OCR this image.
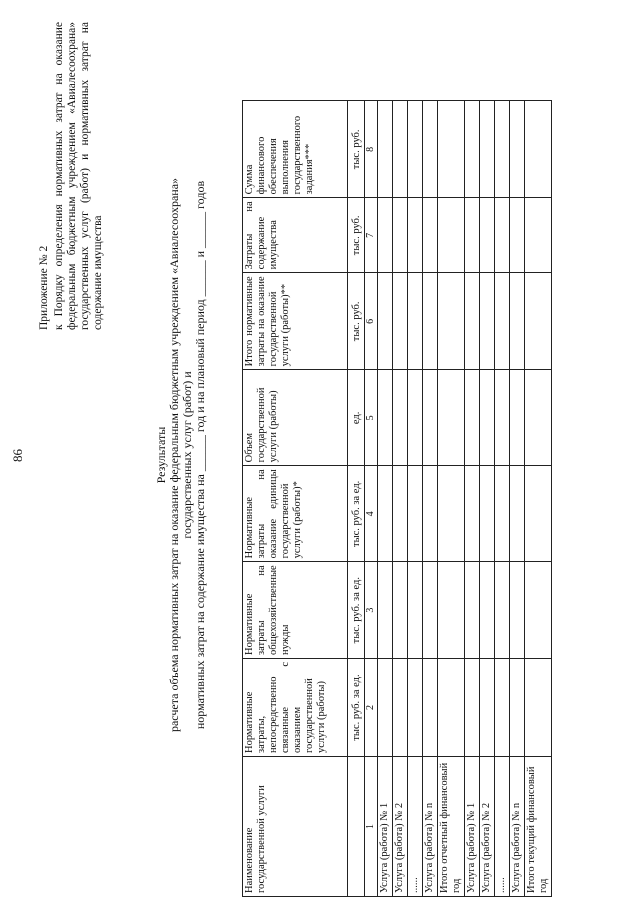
86
Приложение № 2 к Порядку определения нормативных затрат на оказание федеральным бюджетным учреждением «Авиалесоохрана» государственных услуг (работ) и нормативных затрат на содержание имущества
Результаты расчета объема нормативных затрат на оказание федеральным бюджетным учреждением «Авиалесоохрана» государственных услуг (работ) и нормативных затрат на содержание имущества на ______ год и на плановый период ______ и ______ годов
Наименование государственной услуги	Нормативные затраты, непосредственно связанные с оказанием государственной услуги (работы)	Нормативные затраты на общехозяйственные нужды	Нормативные затраты на оказание единицы государственной услуги (работы)*	Объем государственной услуги (работы)	Итого нормативные затраты на оказание государственной услуги (работы)**	Затраты на содержание имущества	Сумма финансового обеспечения выполнения государственного задания***
	тыс. руб. за ед.	тыс. руб. за ед.	тыс. руб. за ед.	ед.	тыс. руб.	тыс. руб.	тыс. руб.
1	2	3	4	5	6	7	8
Услуга (работа) № 1							
Услуга (работа) № 2							
......							
Услуга (работа) № n							
Итого отчетный финансовый год							
Услуга (работа) № 1							
Услуга (работа) № 2							
......							
Услуга (работа) № n							
Итого текущий финансовый год							
